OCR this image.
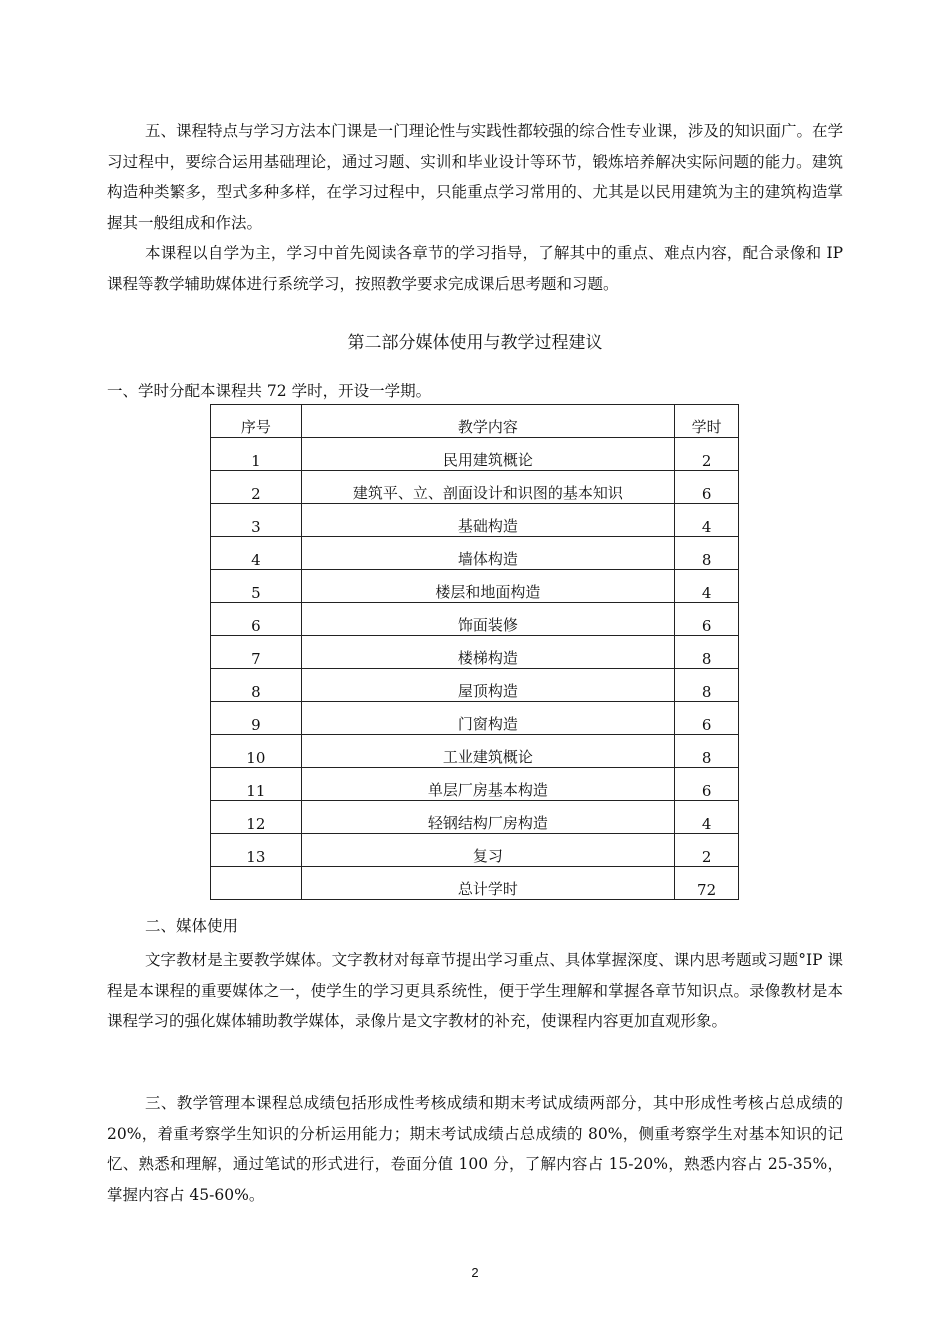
五、课程特点与学习方法本门课是一门理论性与实践性都较强的综合性专业课，涉及的知识面广。在学习过程中，要综合运用基础理论，通过习题、实训和毕业设计等环节，锻炼培养解决实际问题的能力。建筑构造种类繁多，型式多种多样，在学习过程中，只能重点学习常用的、尤其是以民用建筑为主的建筑构造掌握其一般组成和作法。

本课程以自学为主，学习中首先阅读各章节的学习指导，了解其中的重点、难点内容，配合录像和 IP 课程等教学辅助媒体进行系统学习，按照教学要求完成课后思考题和习题。

第二部分媒体使用与教学过程建议

一、学时分配本课程共 72 学时，开设一学期。

序号	教学内容	学时
1	民用建筑概论	2
2	建筑平、立、剖面设计和识图的基本知识	6
3	基础构造	4
4	墙体构造	8
5	楼层和地面构造	4
6	饰面装修	6
7	楼梯构造	8
8	屋顶构造	8
9	门窗构造	6
10	工业建筑概论	8
11	单层厂房基本构造	6
12	轻钢结构厂房构造	4
13	复习	2
	总计学时	72

二、媒体使用

文字教材是主要教学媒体。文字教材对每章节提出学习重点、具体掌握深度、课内思考题或习题°IP 课程是本课程的重要媒体之一，使学生的学习更具系统性，便于学生理解和掌握各章节知识点。录像教材是本课程学习的强化媒体辅助教学媒体，录像片是文字教材的补充，使课程内容更加直观形象。

三、教学管理本课程总成绩包括形成性考核成绩和期末考试成绩两部分，其中形成性考核占总成绩的 20%，着重考察学生知识的分析运用能力；期末考试成绩占总成绩的 80%，侧重考察学生对基本知识的记忆、熟悉和理解，通过笔试的形式进行，卷面分值 100 分，了解内容占 15-20%，熟悉内容占 25-35%，掌握内容占 45-60%。

2
